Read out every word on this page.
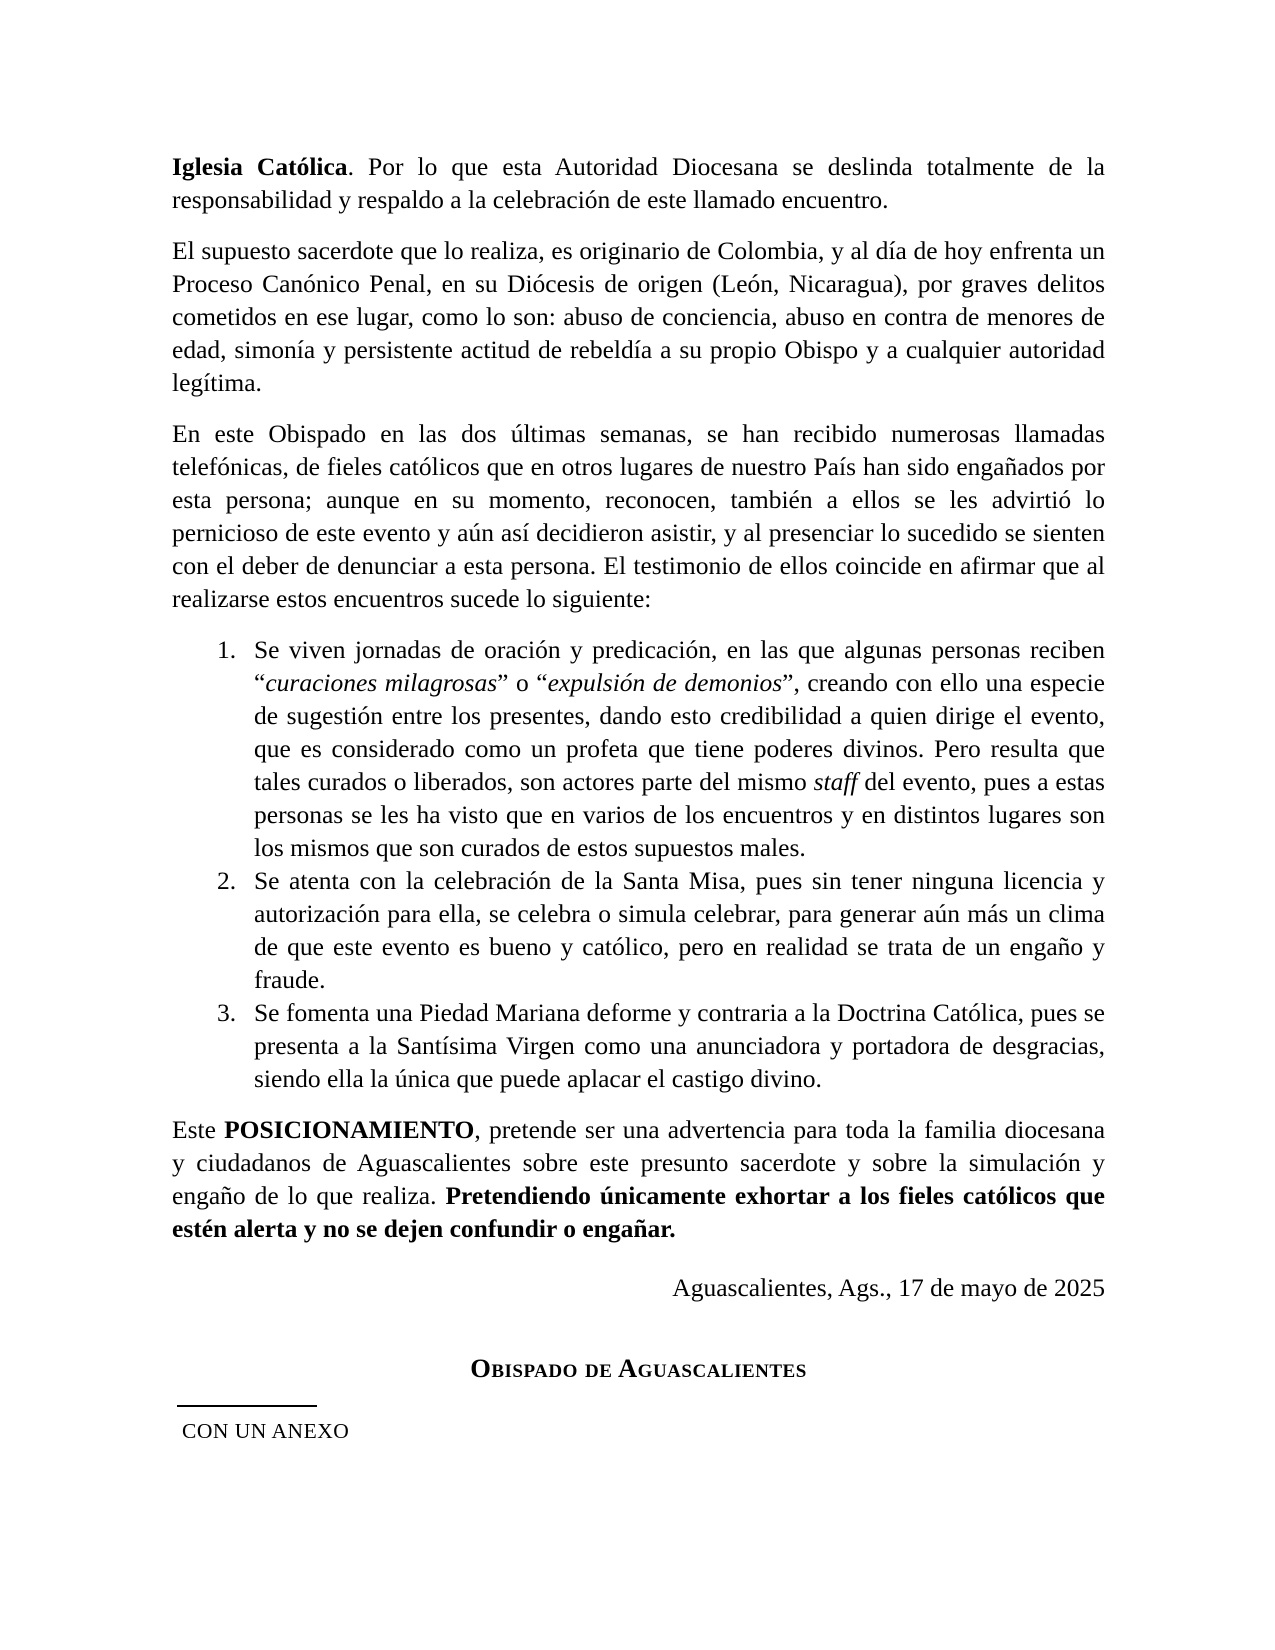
Iglesia Católica. Por lo que esta Autoridad Diocesana se deslinda totalmente de la responsabilidad y respaldo a la celebración de este llamado encuentro.

El supuesto sacerdote que lo realiza, es originario de Colombia, y al día de hoy enfrenta un Proceso Canónico Penal, en su Diócesis de origen (León, Nicaragua), por graves delitos cometidos en ese lugar, como lo son: abuso de conciencia, abuso en contra de menores de edad, simonía y persistente actitud de rebeldía a su propio Obispo y a cualquier autoridad legítima.

En este Obispado en las dos últimas semanas, se han recibido numerosas llamadas telefónicas, de fieles católicos que en otros lugares de nuestro País han sido engañados por esta persona; aunque en su momento, reconocen, también a ellos se les advirtió lo pernicioso de este evento y aún así decidieron asistir, y al presenciar lo sucedido se sienten con el deber de denunciar a esta persona. El testimonio de ellos coincide en afirmar que al realizarse estos encuentros sucede lo siguiente:

1. Se viven jornadas de oración y predicación, en las que algunas personas reciben “curaciones milagrosas” o “expulsión de demonios”, creando con ello una especie de sugestión entre los presentes, dando esto credibilidad a quien dirige el evento, que es considerado como un profeta que tiene poderes divinos. Pero resulta que tales curados o liberados, son actores parte del mismo staff del evento, pues a estas personas se les ha visto que en varios de los encuentros y en distintos lugares son los mismos que son curados de estos supuestos males.
2. Se atenta con la celebración de la Santa Misa, pues sin tener ninguna licencia y autorización para ella, se celebra o simula celebrar, para generar aún más un clima de que este evento es bueno y católico, pero en realidad se trata de un engaño y fraude.
3. Se fomenta una Piedad Mariana deforme y contraria a la Doctrina Católica, pues se presenta a la Santísima Virgen como una anunciadora y portadora de desgracias, siendo ella la única que puede aplacar el castigo divino.

Este POSICIONAMIENTO, pretende ser una advertencia para toda la familia diocesana y ciudadanos de Aguascalientes sobre este presunto sacerdote y sobre la simulación y engaño de lo que realiza. Pretendiendo únicamente exhortar a los fieles católicos que estén alerta y no se dejen confundir o engañar.

Aguascalientes, Ags., 17 de mayo de 2025

Obispado de Aguascalientes

CON UN ANEXO
